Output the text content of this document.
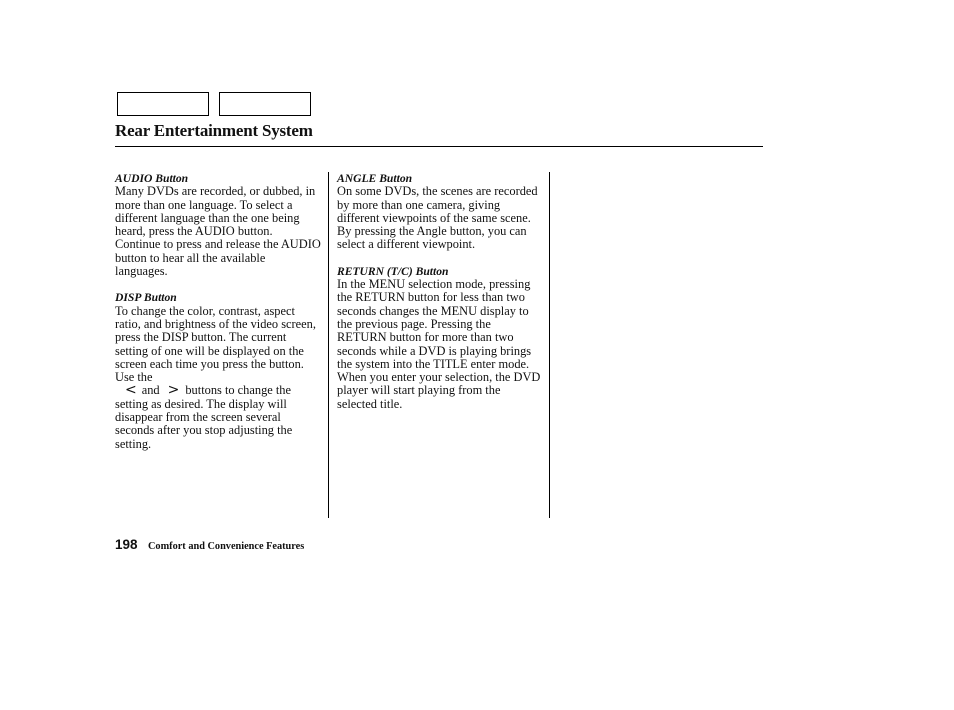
Rear Entertainment System

AUDIO Button

Many DVDs are recorded, or dubbed, in more than one language. To select a different language than the one being heard, press the AUDIO button. Continue to press and release the AUDIO button to hear all the available languages.

DISP Button

To change the color, contrast, aspect ratio, and brightness of the video screen, press the DISP button. The current setting of one will be displayed on the screen each time you press the button. Use the
< and > buttons to change the setting as desired. The display will disappear from the screen several seconds after you stop adjusting the setting.

ANGLE Button

On some DVDs, the scenes are recorded by more than one camera, giving different viewpoints of the same scene. By pressing the Angle button, you can select a different viewpoint.

RETURN (T/C) Button

In the MENU selection mode, pressing the RETURN button for less than two seconds changes the MENU display to the previous page. Pressing the RETURN button for more than two seconds while a DVD is playing brings the system into the TITLE enter mode. When you enter your selection, the DVD player will start playing from the selected title.

198 Comfort and Convenience Features
